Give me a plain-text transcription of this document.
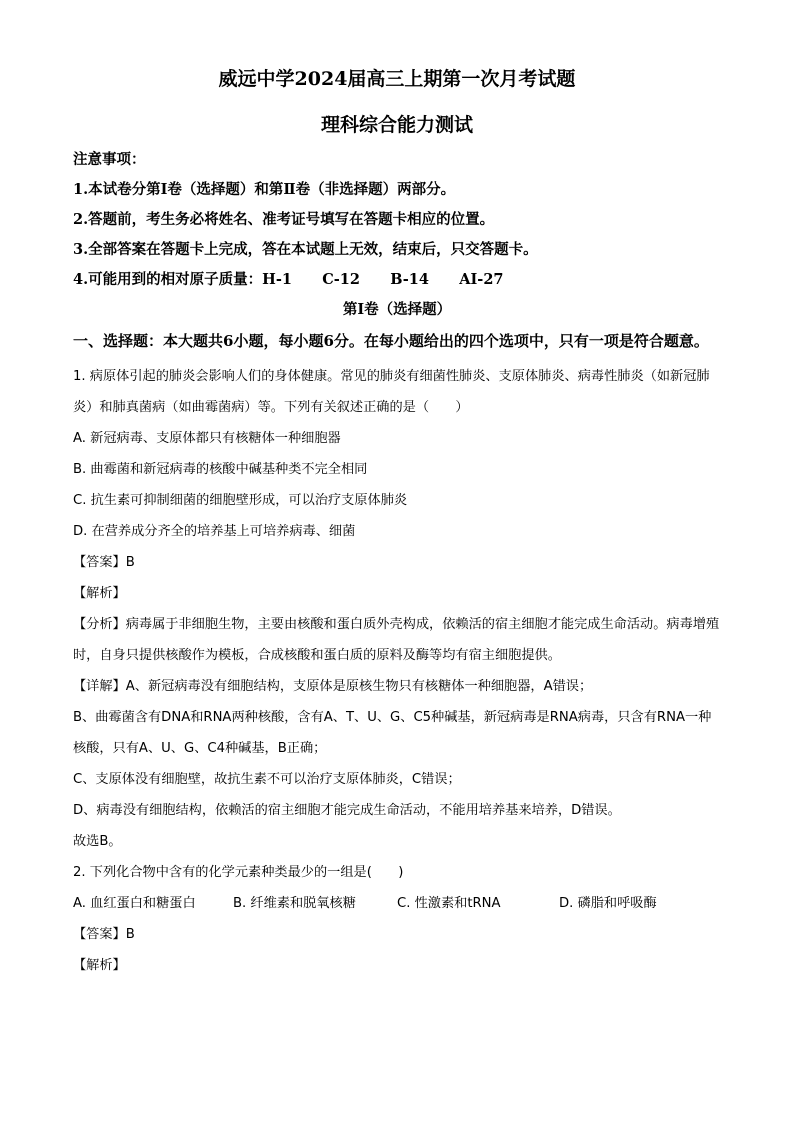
威远中学2024届高三上期第一次月考试题
理科综合能力测试
注意事项：
1.本试卷分第Ⅰ卷（选择题）和第Ⅱ卷（非选择题）两部分。
2.答题前，考生务必将姓名、准考证号填写在答题卡相应的位置。
3.全部答案在答题卡上完成，答在本试题上无效，结束后，只交答题卡。
4.可能用到的相对原子质量：H-1      C-12      B-14      AI-27
第Ⅰ卷（选择题）
一、选择题：本大题共6小题，每小题6分。在每小题给出的四个选项中，只有一项是符合题意。

1. 病原体引起的肺炎会影响人们的身体健康。常见的肺炎有细菌性肺炎、支原体肺炎、病毒性肺炎（如新冠肺炎）和肺真菌病（如曲霉菌病）等。下列有关叙述正确的是（　　）

A. 新冠病毒、支原体都只有核糖体一种细胞器

B. 曲霉菌和新冠病毒的核酸中碱基种类不完全相同

C. 抗生素可抑制细菌的细胞壁形成，可以治疗支原体肺炎

D. 在营养成分齐全的培养基上可培养病毒、细菌

【答案】B

【解析】

【分析】病毒属于非细胞生物，主要由核酸和蛋白质外壳构成，依赖活的宿主细胞才能完成生命活动。病毒增殖时，自身只提供核酸作为模板，合成核酸和蛋白质的原料及酶等均有宿主细胞提供。

【详解】A、新冠病毒没有细胞结构，支原体是原核生物只有核糖体一种细胞器，A错误；

B、曲霉菌含有DNA和RNA两种核酸，含有A、T、U、G、C5种碱基，新冠病毒是RNA病毒，只含有RNA一种核酸，只有A、U、G、C4种碱基，B正确；

C、支原体没有细胞壁，故抗生素不可以治疗支原体肺炎，C错误；

D、病毒没有细胞结构，依赖活的宿主细胞才能完成生命活动，不能用培养基来培养，D错误。

故选B。

2. 下列化合物中含有的化学元素种类最少的一组是(　　)

A. 血红蛋白和糖蛋白	B. 纤维素和脱氧核糖	C. 性激素和tRNA	D. 磷脂和呼吸酶

【答案】B

【解析】
